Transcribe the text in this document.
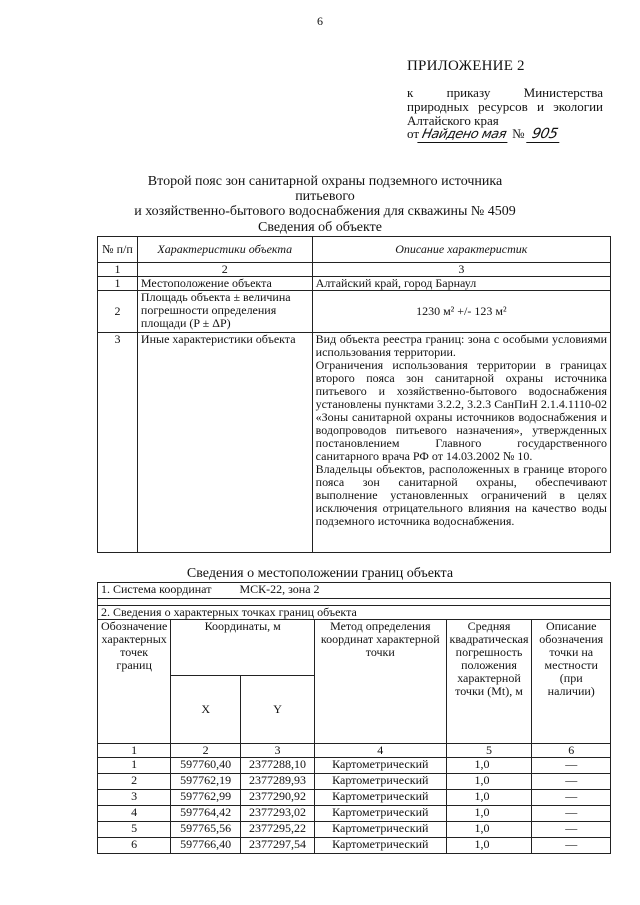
6
ПРИЛОЖЕНИЕ 2
к приказу Министерства природных ресурсов и экологии Алтайского края
от Найдено мая № 905
Второй пояс зон санитарной охраны подземного источника питьевого
и хозяйственно-бытового водоснабжения для скважины № 4509
Сведения об объекте
№ п/п	Характеристики объекта	Описание характеристик
1	2	3
1	Местоположение объекта	Алтайский край, город Барнаул
2	Площадь объекта ± величина погрешности определения площади (P ± ΔP)	1230 м² +/- 123 м²
3	Иные характеристики объекта	Вид объекта реестра границ: зона с особыми условиями использования территории.
Ограничения использования территории в границах второго пояса зон санитарной охраны источника питьевого и хозяйственно-бытового водоснабжения установлены пунктами 3.2.2, 3.2.3 СанПиН 2.1.4.1110-02 «Зоны санитарной охраны источников водоснабжения и водопроводов питьевого назначения», утвержденных постановлением Главного государственного санитарного врача РФ от 14.03.2002 № 10.
Владельцы объектов, расположенных в границе второго пояса зон санитарной охраны, обеспечивают выполнение установленных ограничений в целях исключения отрицательного влияния на качество воды подземного источника водоснабжения.
Сведения о местоположении границ объекта
1. Система координат МСК-22, зона 2					

2. Сведения о характерных точках границ объекта					
Обозначение характерных точек границ	Координаты, м		Метод определения координат характерной точки	Средняя квадратическая погрешность положения характерной точки (Mt), м	Описание обозначения точки на местности (при наличии)
	X	Y			
1	2	3	4	5	6
1	597760,40	2377288,10	Картометрический	1,0	—
2	597762,19	2377289,93	Картометрический	1,0	—
3	597762,99	2377290,92	Картометрический	1,0	—
4	597764,42	2377293,02	Картометрический	1,0	—
5	597765,56	2377295,22	Картометрический	1,0	—
6	597766,40	2377297,54	Картометрический	1,0	—
